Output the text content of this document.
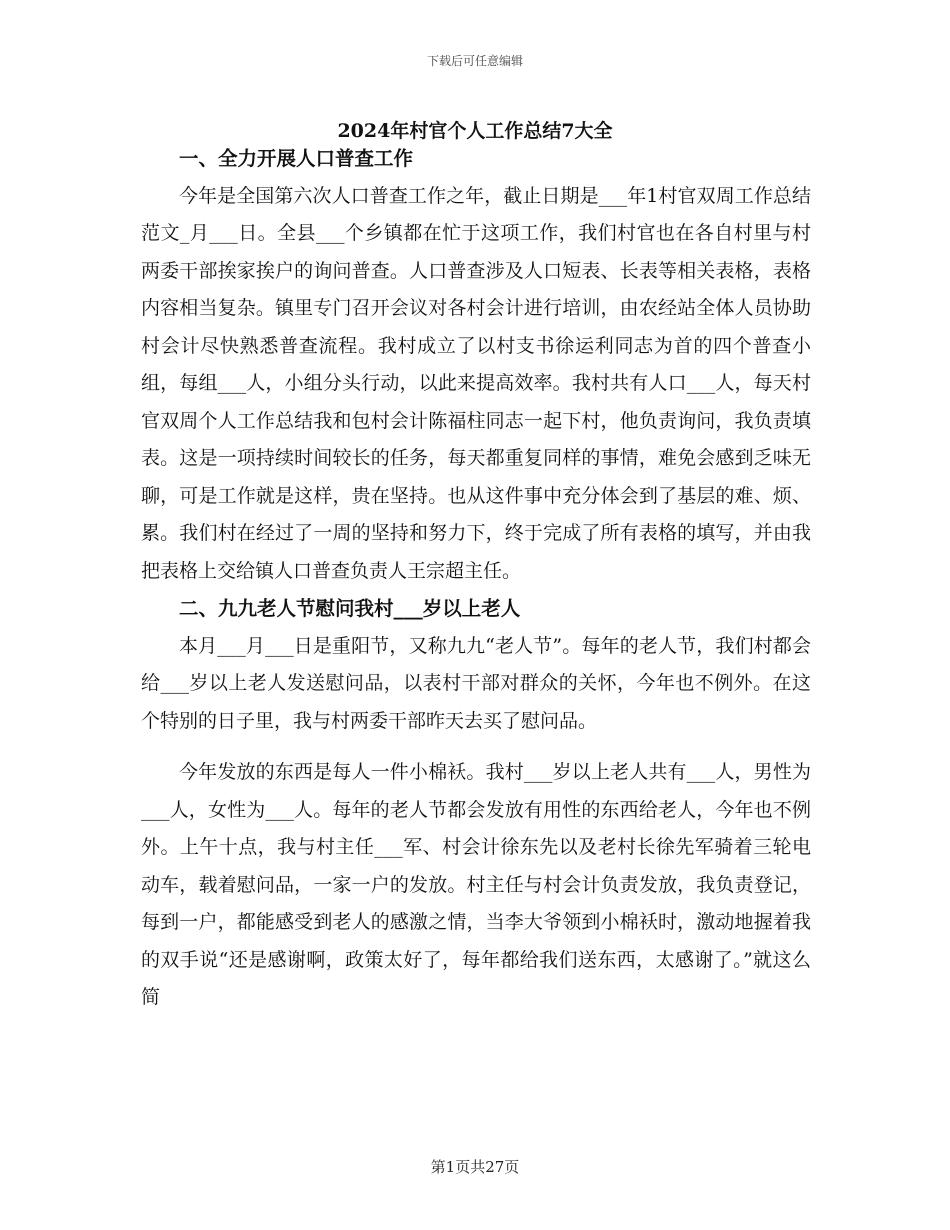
下载后可任意编辑
2024年村官个人工作总结7大全
一、全力开展人口普查工作

今年是全国第六次人口普查工作之年，截止日期是___年1村官双周工作总结范文_月___日。全县___个乡镇都在忙于这项工作，我们村官也在各自村里与村两委干部挨家挨户的询问普查。人口普查涉及人口短表、长表等相关表格，表格内容相当复杂。镇里专门召开会议对各村会计进行培训，由农经站全体人员协助村会计尽快熟悉普查流程。我村成立了以村支书徐运利同志为首的四个普查小组，每组___人，小组分头行动，以此来提高效率。我村共有人口___人，每天村官双周个人工作总结我和包村会计陈福柱同志一起下村，他负责询问，我负责填表。这是一项持续时间较长的任务，每天都重复同样的事情，难免会感到乏味无聊，可是工作就是这样，贵在坚持。也从这件事中充分体会到了基层的难、烦、累。我们村在经过了一周的坚持和努力下，终于完成了所有表格的填写，并由我把表格上交给镇人口普查负责人王宗超主任。

二、九九老人节慰问我村___岁以上老人

本月___月___日是重阳节，又称九九“老人节”。每年的老人节，我们村都会给___岁以上老人发送慰问品，以表村干部对群众的关怀，今年也不例外。在这个特别的日子里，我与村两委干部昨天去买了慰问品。

今年发放的东西是每人一件小棉袄。我村___岁以上老人共有___人，男性为___人，女性为___人。每年的老人节都会发放有用性的东西给老人，今年也不例外。上午十点，我与村主任___军、村会计徐东先以及老村长徐先军骑着三轮电动车，载着慰问品，一家一户的发放。村主任与村会计负责发放，我负责登记，每到一户，都能感受到老人的感激之情，当李大爷领到小棉袄时，激动地握着我的双手说“还是感谢啊，政策太好了，每年都给我们送东西，太感谢了。”就这么简

第1页共27页
